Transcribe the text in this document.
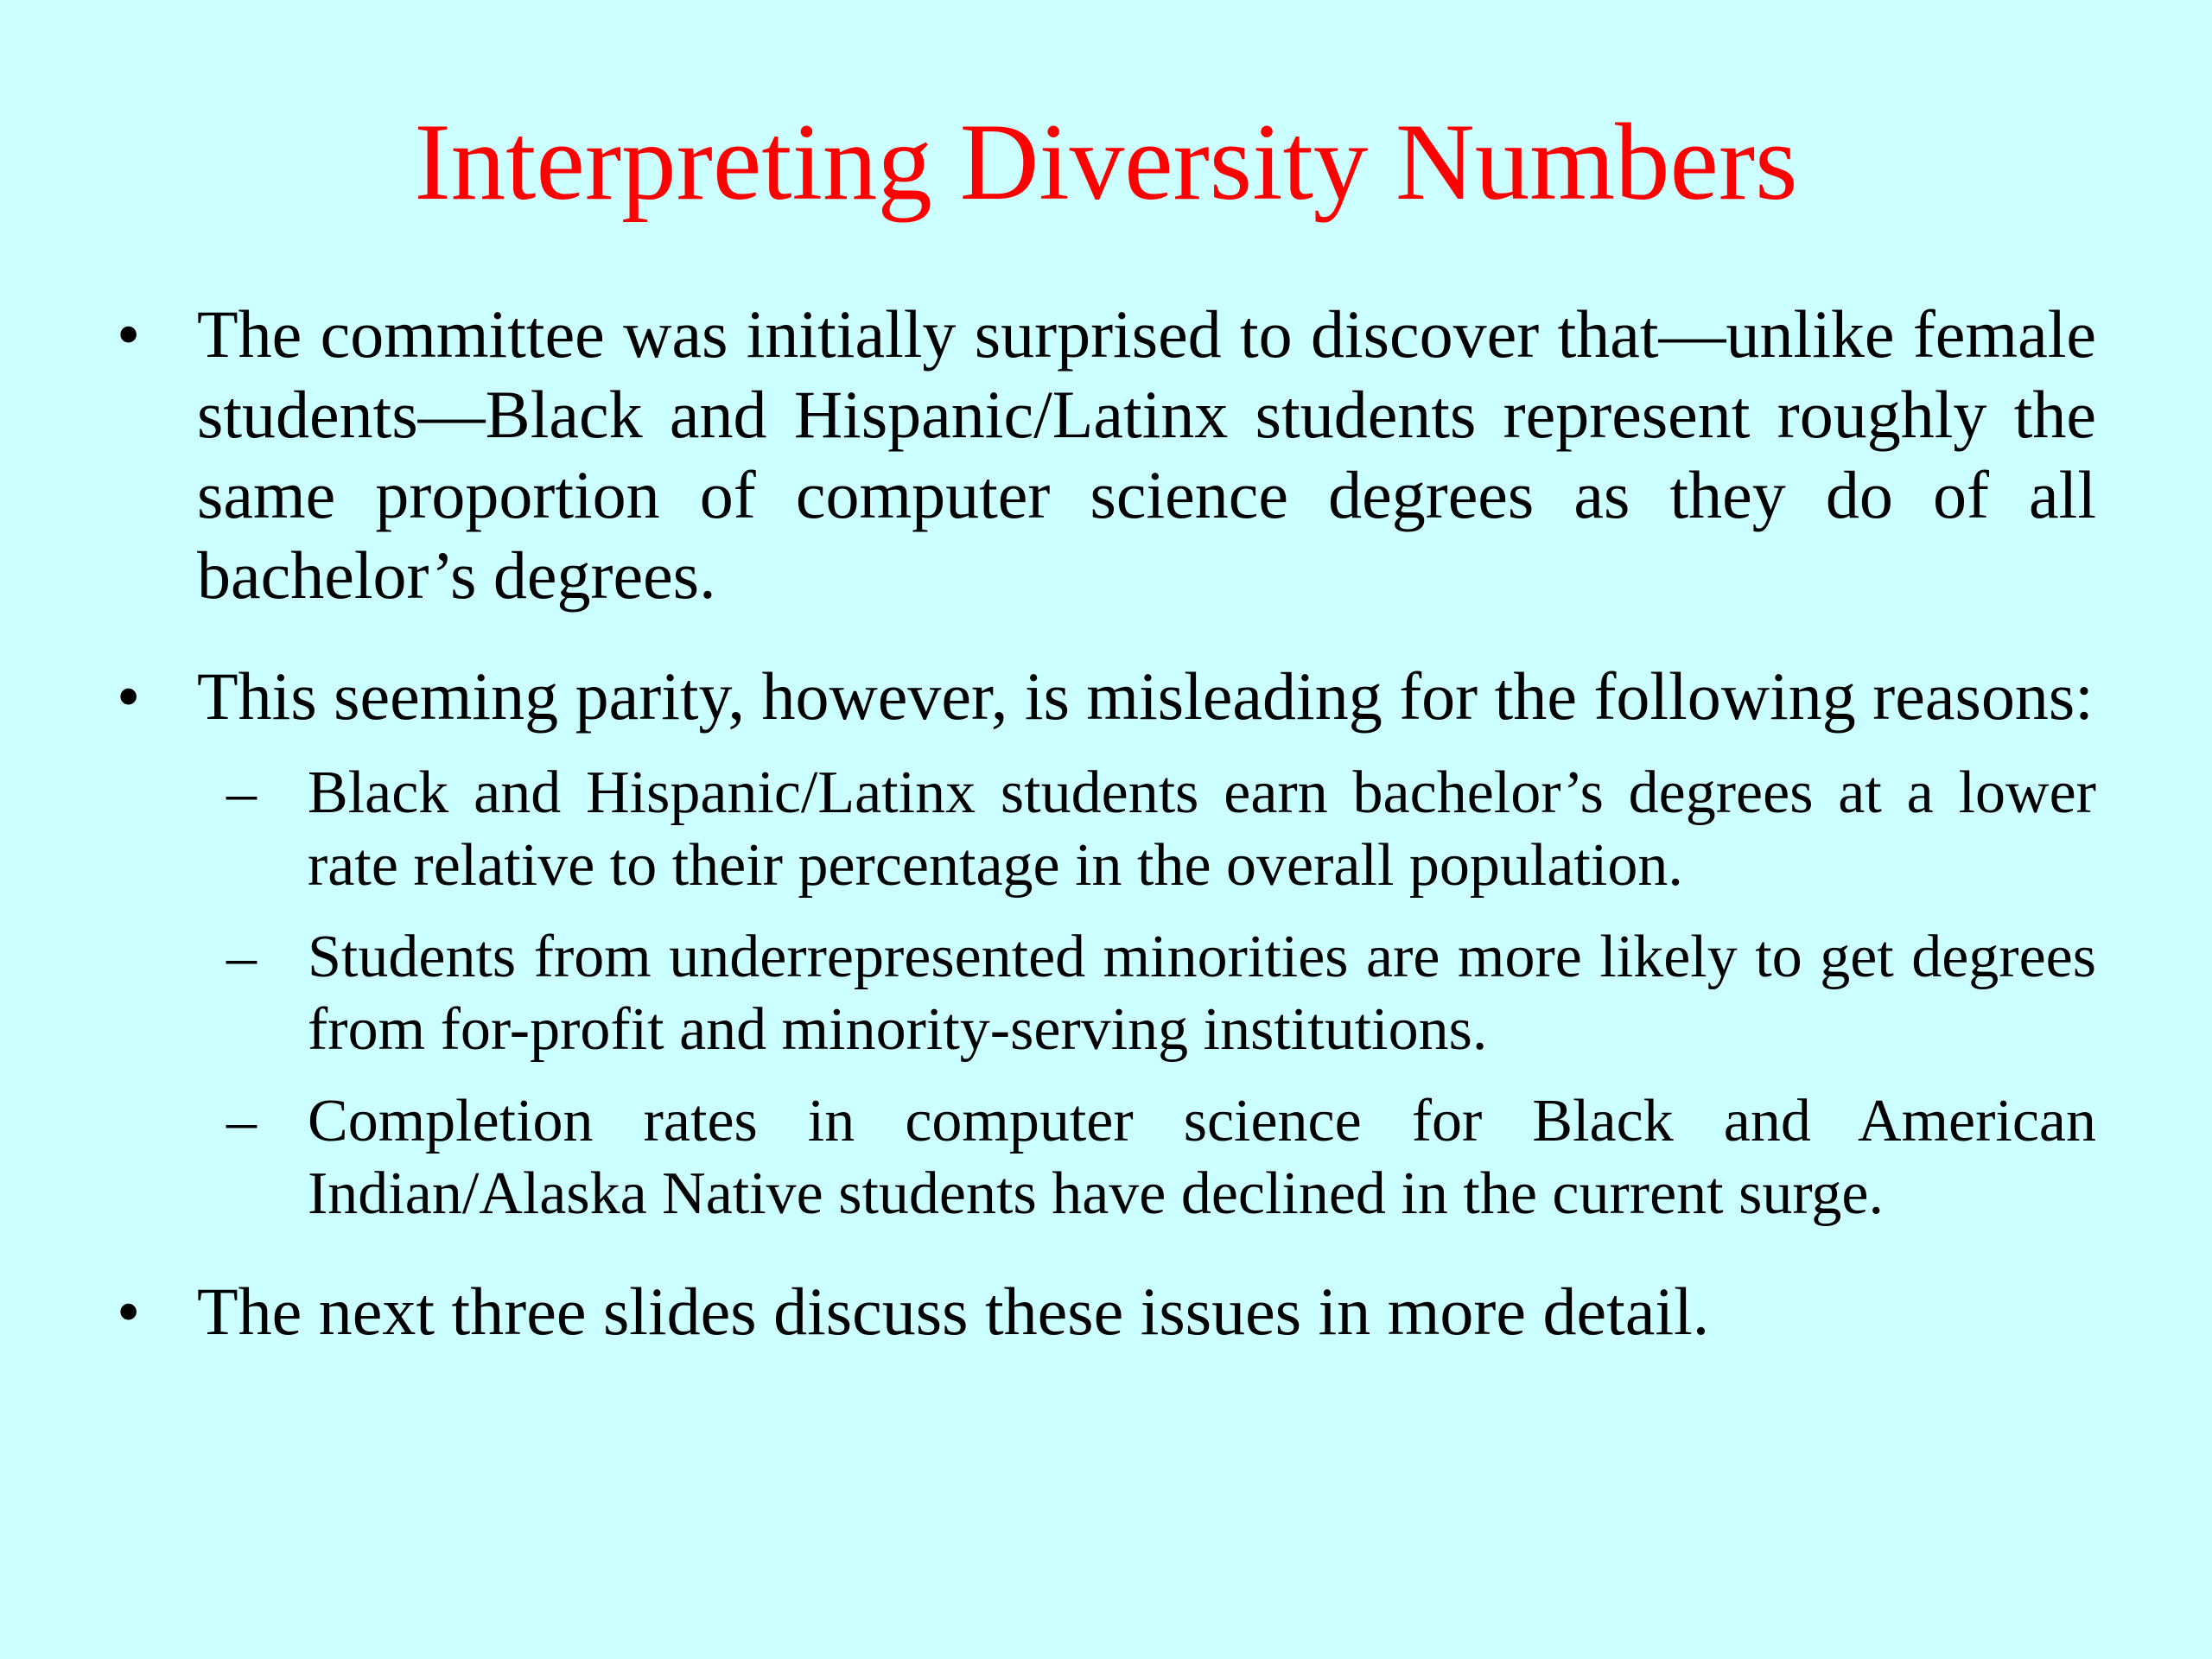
Interpreting Diversity Numbers
• The committee was initially surprised to discover that—unlike female students—Black and Hispanic/Latinx students represent roughly the same proportion of computer science degrees as they do of all bachelor’s degrees.
• This seeming parity, however, is misleading for the following reasons:
– Black and Hispanic/Latinx students earn bachelor’s degrees at a lower rate relative to their percentage in the overall population.
– Students from underrepresented minorities are more likely to get degrees from for-profit and minority-serving institutions.
– Completion rates in computer science for Black and American Indian/Alaska Native students have declined in the current surge.
• The next three slides discuss these issues in more detail.
